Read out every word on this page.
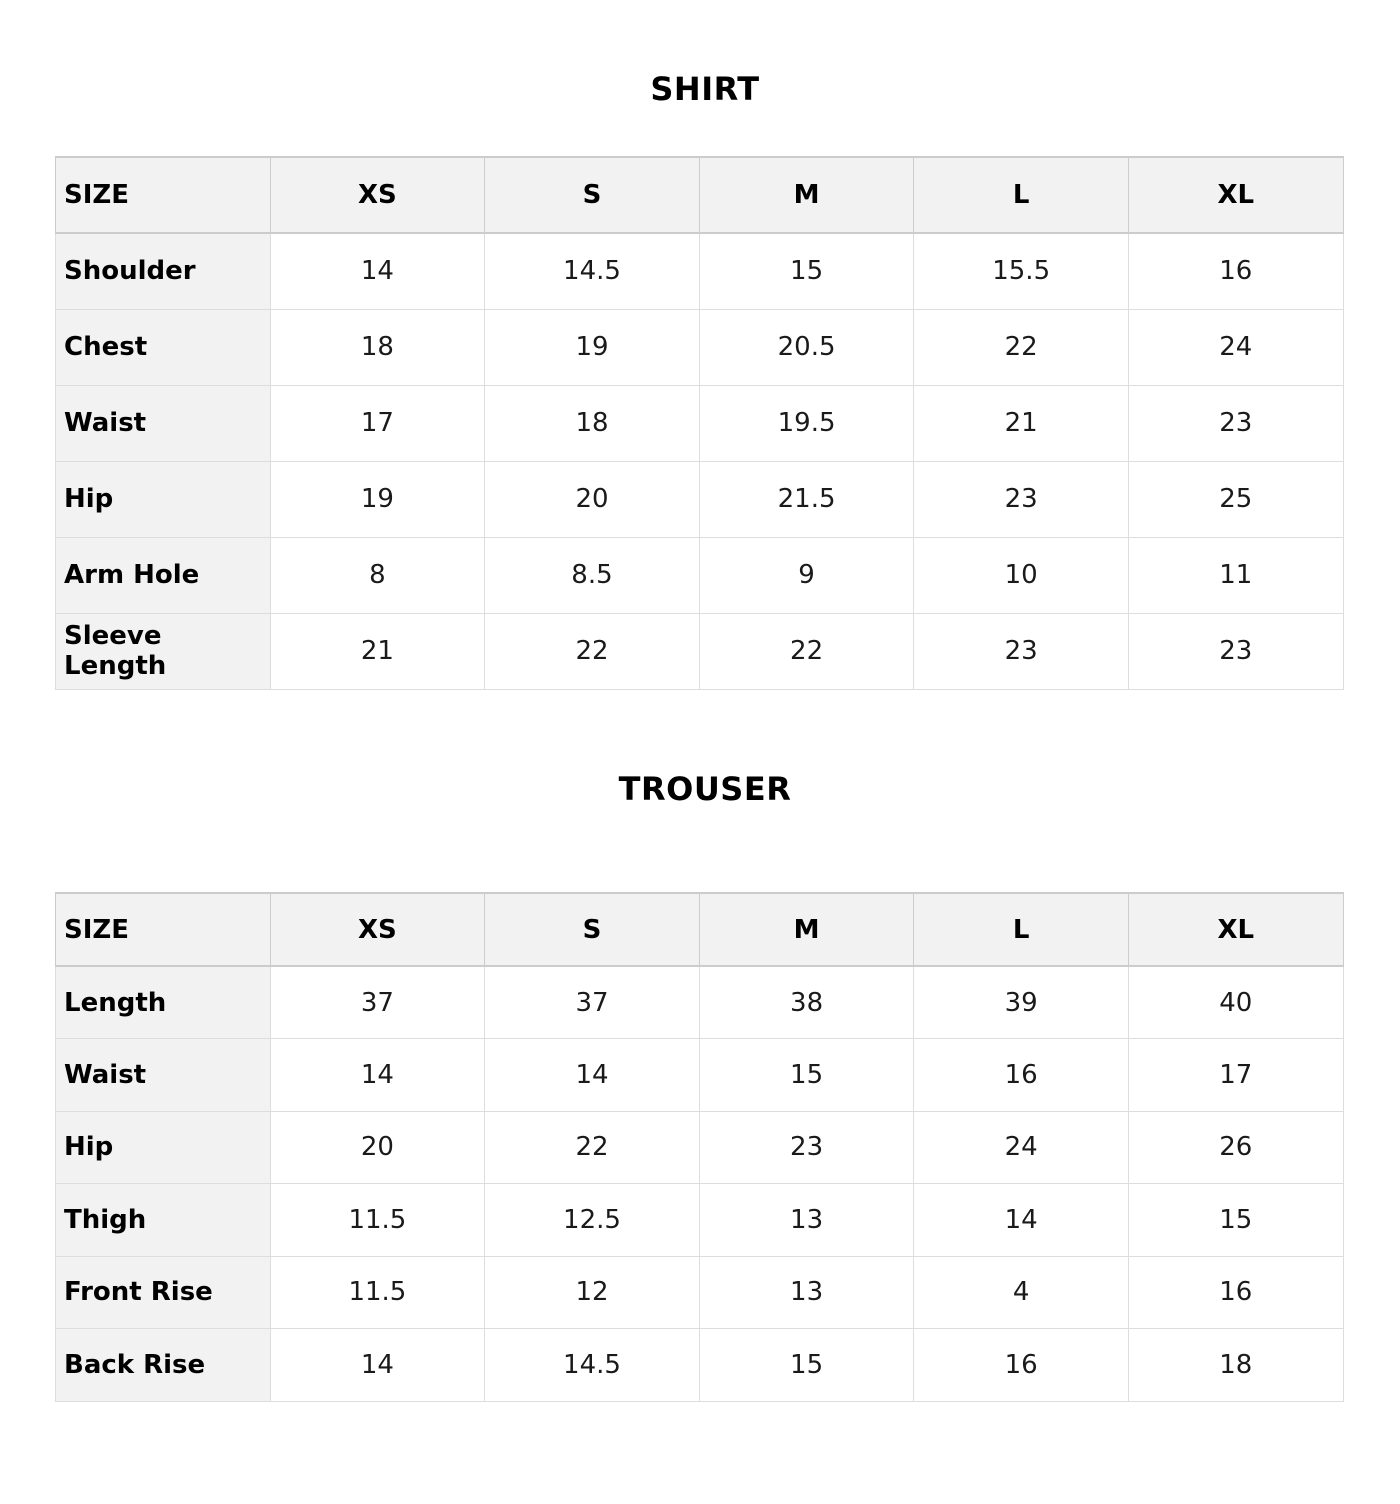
SHIRT
SIZE	XS	S	M	L	XL
Shoulder	14	14.5	15	15.5	16
Chest	18	19	20.5	22	24
Waist	17	18	19.5	21	23
Hip	19	20	21.5	23	25
Arm Hole	8	8.5	9	10	11
Sleeve Length	21	22	22	23	23
TROUSER
SIZE	XS	S	M	L	XL
Length	37	37	38	39	40
Waist	14	14	15	16	17
Hip	20	22	23	24	26
Thigh	11.5	12.5	13	14	15
Front Rise	11.5	12	13	4	16
Back Rise	14	14.5	15	16	18
